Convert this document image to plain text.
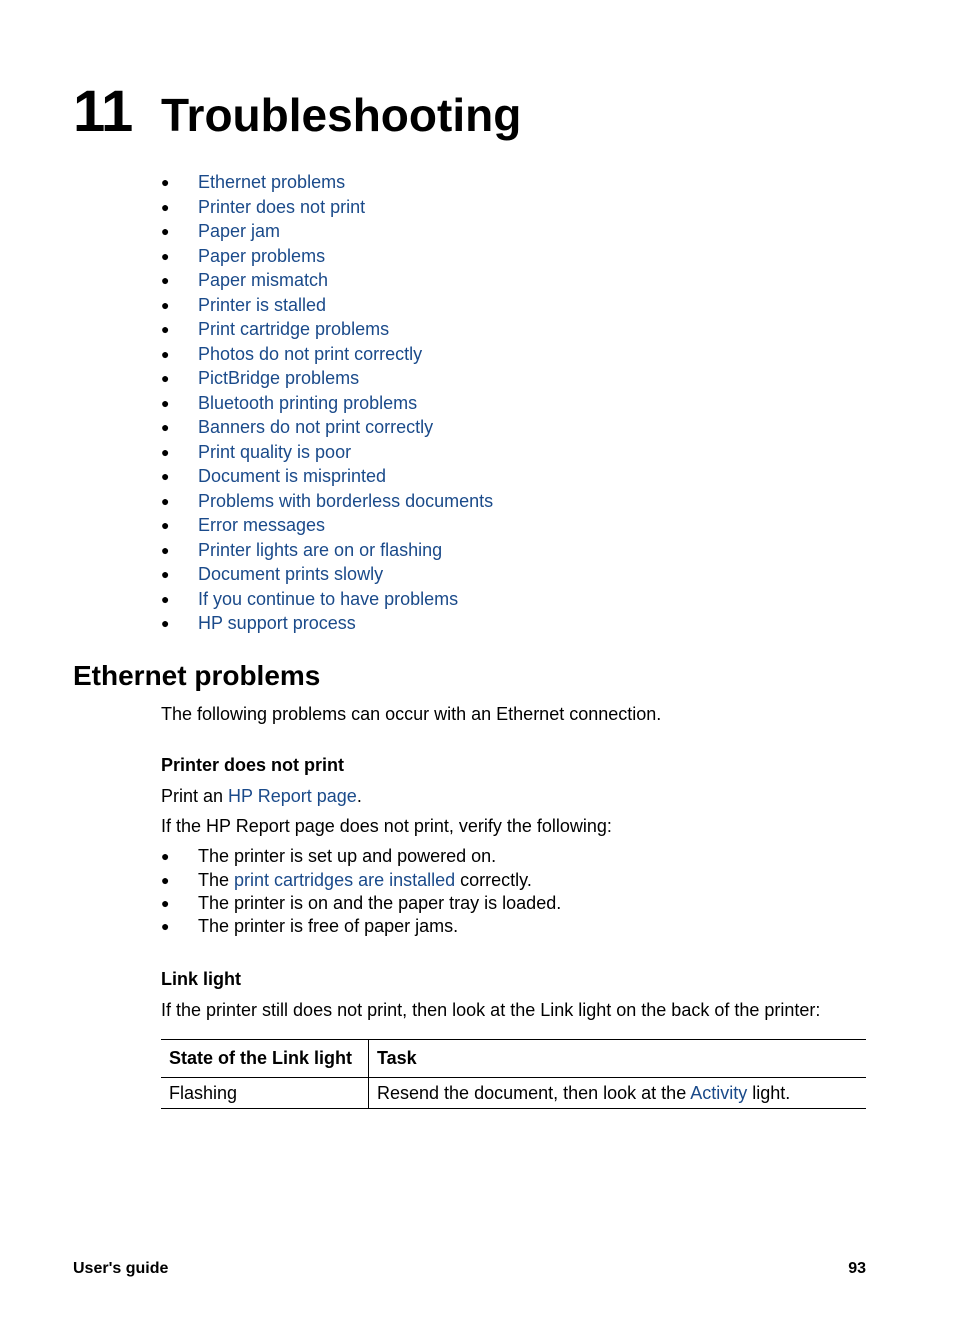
11 Troubleshooting
● Ethernet problems
● Printer does not print
● Paper jam
● Paper problems
● Paper mismatch
● Printer is stalled
● Print cartridge problems
● Photos do not print correctly
● PictBridge problems
● Bluetooth printing problems
● Banners do not print correctly
● Print quality is poor
● Document is misprinted
● Problems with borderless documents
● Error messages
● Printer lights are on or flashing
● Document prints slowly
● If you continue to have problems
● HP support process
Ethernet problems

The following problems can occur with an Ethernet connection.

Printer does not print

Print an HP Report page.

If the HP Report page does not print, verify the following:

● The printer is set up and powered on.
● The print cartridges are installed correctly.
● The printer is on and the paper tray is loaded.
● The printer is free of paper jams.
Link light

If the printer still does not print, then look at the Link light on the back of the printer:

State of the Link light	Task
Flashing	Resend the document, then look at the Activity light.
User's guide	93
